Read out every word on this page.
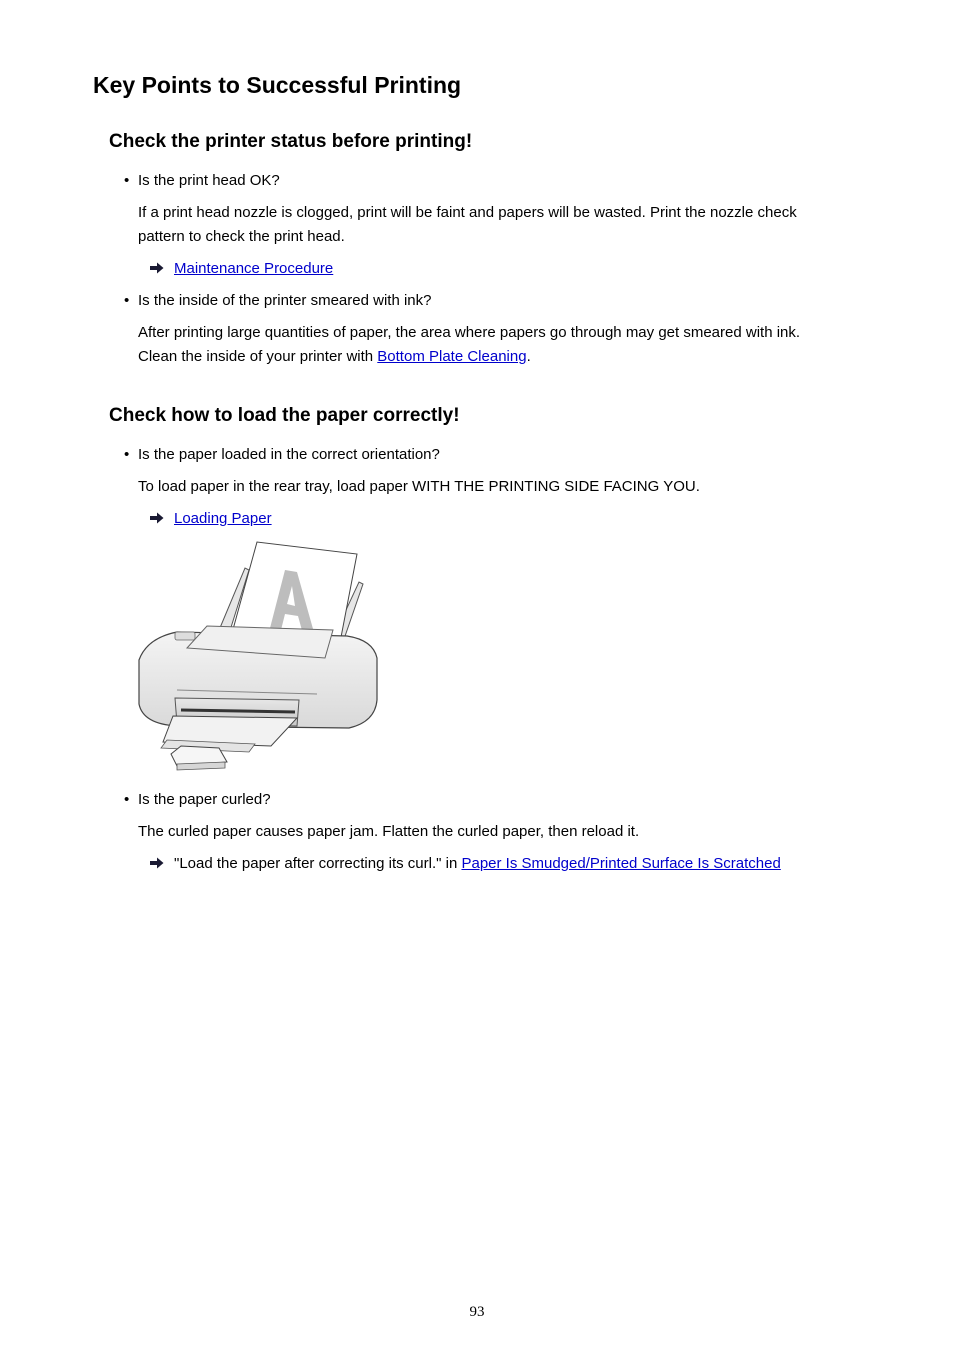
Key Points to Successful Printing
Check the printer status before printing!

• Is the print head OK?

If a print head nozzle is clogged, print will be faint and papers will be wasted. Print the nozzle check
pattern to check the print head.

Maintenance Procedure

• Is the inside of the printer smeared with ink?

After printing large quantities of paper, the area where papers go through may get smeared with ink.
Clean the inside of your printer with Bottom Plate Cleaning.

Check how to load the paper correctly!

• Is the paper loaded in the correct orientation?

To load paper in the rear tray, load paper WITH THE PRINTING SIDE FACING YOU.

Loading Paper

• Is the paper curled?

The curled paper causes paper jam. Flatten the curled paper, then reload it.

"Load the paper after correcting its curl." in Paper Is Smudged/Printed Surface Is Scratched

93
